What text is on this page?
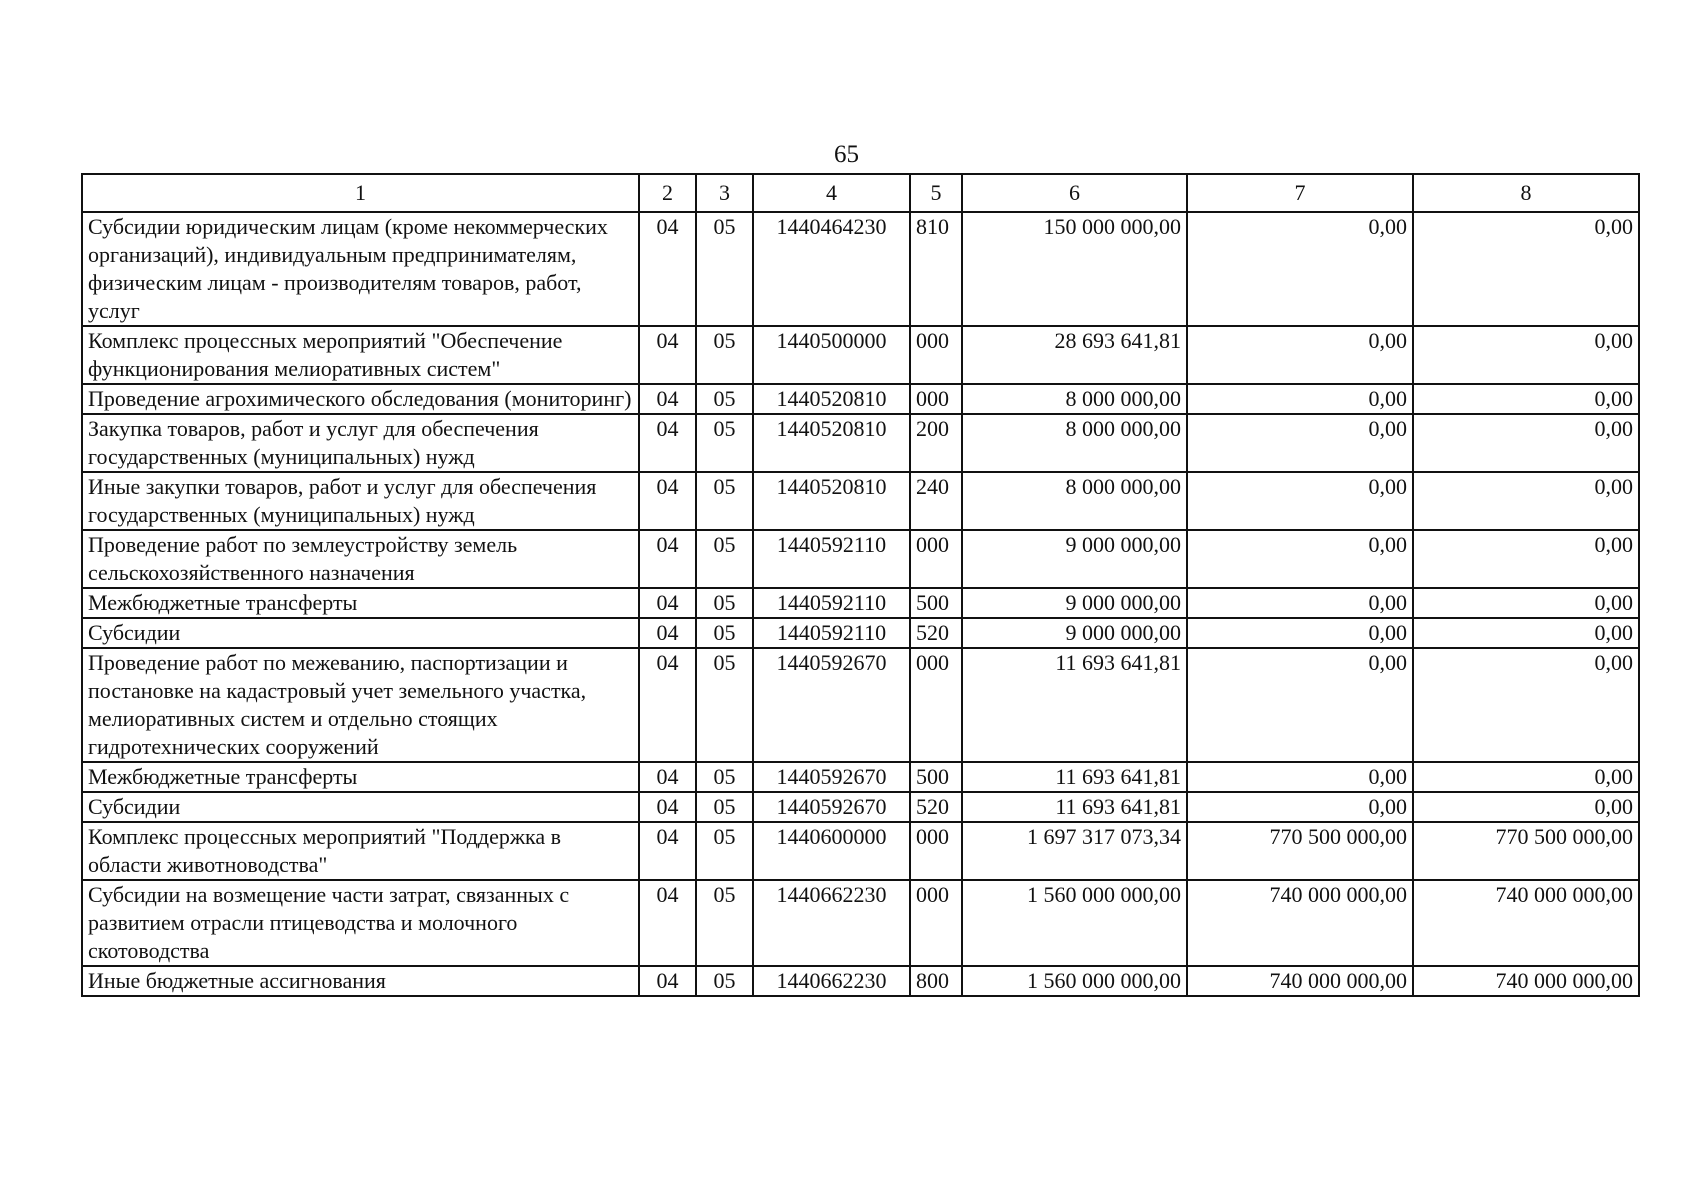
65
1	2	3	4	5	6	7	8
Субсидии юридическим лицам (кроме некоммерческих организаций), индивидуальным предпринимателям, физическим лицам - производителям товаров, работ, услуг	04	05	1440464230	810	150 000 000,00	0,00	0,00
Комплекс процессных мероприятий "Обеспечение функционирования мелиоративных систем"	04	05	1440500000	000	28 693 641,81	0,00	0,00
Проведение агрохимического обследования (мониторинг)	04	05	1440520810	000	8 000 000,00	0,00	0,00
Закупка товаров, работ и услуг для обеспечения государственных (муниципальных) нужд	04	05	1440520810	200	8 000 000,00	0,00	0,00
Иные закупки товаров, работ и услуг для обеспечения государственных (муниципальных) нужд	04	05	1440520810	240	8 000 000,00	0,00	0,00
Проведение работ по землеустройству земель сельскохозяйственного назначения	04	05	1440592110	000	9 000 000,00	0,00	0,00
Межбюджетные трансферты	04	05	1440592110	500	9 000 000,00	0,00	0,00
Субсидии	04	05	1440592110	520	9 000 000,00	0,00	0,00
Проведение работ по межеванию, паспортизации и постановке на кадастровый учет земельного участка, мелиоративных систем и отдельно стоящих гидротехнических сооружений	04	05	1440592670	000	11 693 641,81	0,00	0,00
Межбюджетные трансферты	04	05	1440592670	500	11 693 641,81	0,00	0,00
Субсидии	04	05	1440592670	520	11 693 641,81	0,00	0,00
Комплекс процессных мероприятий "Поддержка в области животноводства"	04	05	1440600000	000	1 697 317 073,34	770 500 000,00	770 500 000,00
Субсидии на возмещение части затрат, связанных с развитием отрасли птицеводства и молочного скотоводства	04	05	1440662230	000	1 560 000 000,00	740 000 000,00	740 000 000,00
Иные бюджетные ассигнования	04	05	1440662230	800	1 560 000 000,00	740 000 000,00	740 000 000,00
